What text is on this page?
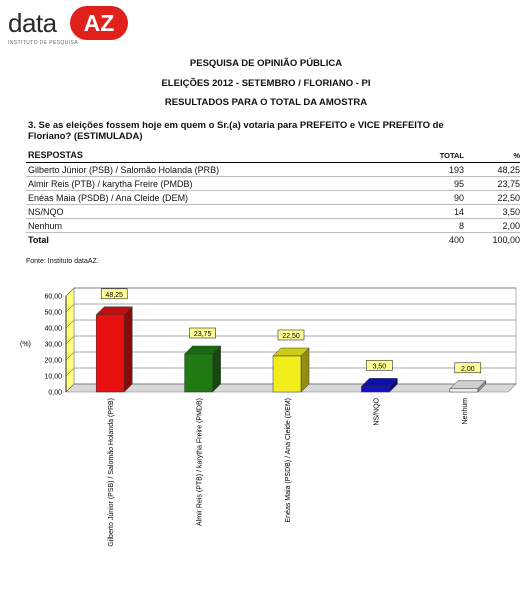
data	AZ
INSTITUTO DE PESQUISA
PESQUISA DE OPINIÃO PÚBLICA
ELEIÇÕES 2012 - SETEMBRO / FLORIANO - PI
RESULTADOS PARA O TOTAL DA AMOSTRA
3. Se as eleições fossem hoje em quem o Sr.(a) votaria para PREFEITO e VICE PREFEITO de Floriano? (ESTIMULADA)
RESPOSTAS	TOTAL	%
Gilberto Júnior (PSB) / Salomão Holanda (PRB)	193	48,25
Almir Reis (PTB) / karytha Freire (PMDB)	95	23,75
Enéas Maia (PSDB) / Ana Cleide (DEM)	90	22,50
NS/NQO	14	3,50
Nenhum	8	2,00
Total	400	100,00
Fonte: Instituto dataAZ.
0,00
10,00
20,00
30,00
40,00
50,00
60,00
(%)
48,25
Gilberto Júnior (PSB) / Salomão Holanda (PRB)
23,75
Almir Reis (PTB) / karytha Freire (PMDB)
22,50
Enéas Maia (PSDB) / Ana Cleide (DEM)
3,50
NS/NQO
2,00
Nenhum
